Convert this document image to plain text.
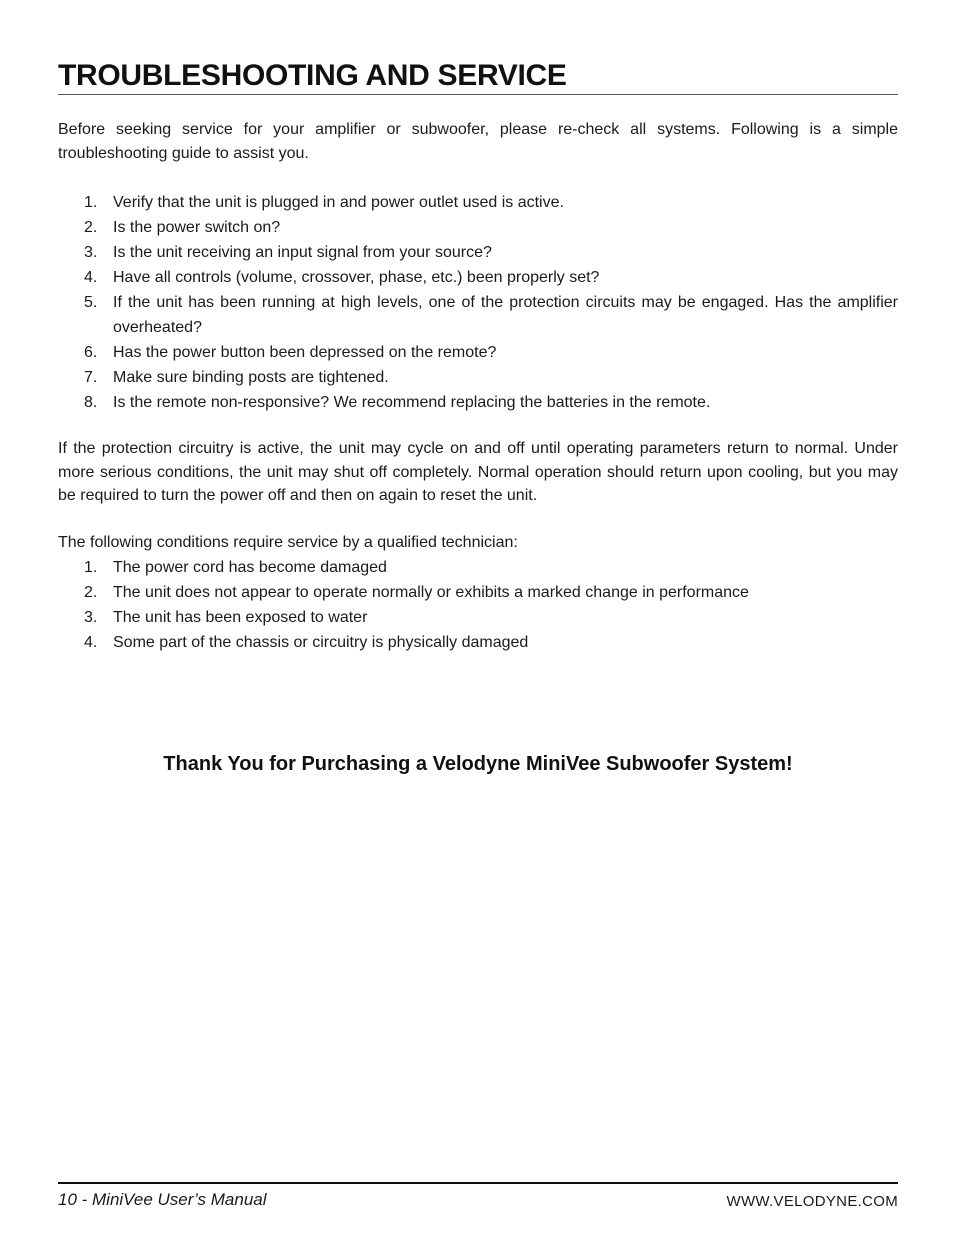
TROUBLESHOOTING AND SERVICE

Before seeking service for your amplifier or subwoofer, please re-check all systems. Following is a simple troubleshooting guide to assist you.

1. Verify that the unit is plugged in and power outlet used is active.
2. Is the power switch on?
3. Is the unit receiving an input signal from your source?
4. Have all controls (volume, crossover, phase, etc.) been properly set?
5. If the unit has been running at high levels, one of the protection circuits may be engaged. Has the amplifier overheated?
6. Has the power button been depressed on the remote?
7. Make sure binding posts are tightened.
8. Is the remote non-responsive? We recommend replacing the batteries in the remote.

If the protection circuitry is active, the unit may cycle on and off until operating parameters return to normal. Under more serious conditions, the unit may shut off completely. Normal operation should return upon cooling, but you may be required to turn the power off and then on again to reset the unit.

The following conditions require service by a qualified technician:

1. The power cord has become damaged
2. The unit does not appear to operate normally or exhibits a marked change in performance
3. The unit has been exposed to water
4. Some part of the chassis or circuitry is physically damaged
Thank You for Purchasing a Velodyne MiniVee Subwoofer System!
10 - MiniVee User’s Manual	WWW.VELODYNE.COM
